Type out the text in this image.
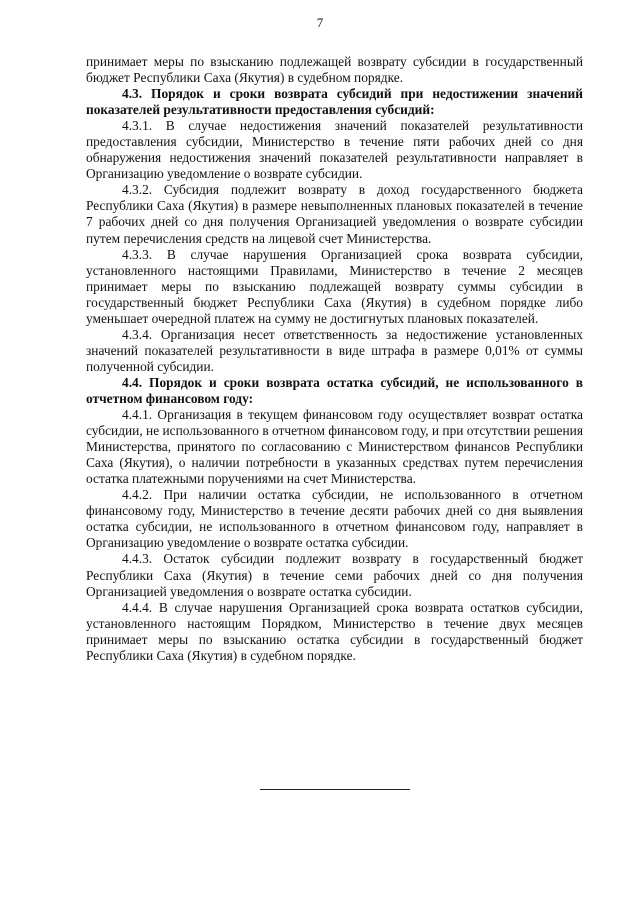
7

принимает меры по взысканию подлежащей возврату субсидии в государственный бюджет Республики Саха (Якутия) в судебном порядке.

4.3. Порядок и сроки возврата субсидий при недостижении значений показателей результативности предоставления субсидий:

4.3.1. В случае недостижения значений показателей результативности предоставления субсидии, Министерство в течение пяти рабочих дней со дня обнаружения недостижения значений показателей результативности направляет в Организацию уведомление о возврате субсидии.

4.3.2. Субсидия подлежит возврату в доход государственного бюджета Республики Саха (Якутия) в размере невыполненных плановых показателей в течение 7 рабочих дней со дня получения Организацией уведомления о возврате субсидии путем перечисления средств на лицевой счет Министерства.

4.3.3. В случае нарушения Организацией срока возврата субсидии, установленного настоящими Правилами, Министерство в течение 2 месяцев принимает меры по взысканию подлежащей возврату суммы субсидии в государственный бюджет Республики Саха (Якутия) в судебном порядке либо уменьшает очередной платеж на сумму не достигнутых плановых показателей.

4.3.4. Организация несет ответственность за недостижение установленных значений показателей результативности в виде штрафа в размере 0,01% от суммы полученной субсидии.

4.4. Порядок и сроки возврата остатка субсидий, не использованного в отчетном финансовом году:

4.4.1. Организация в текущем финансовом году осуществляет возврат остатка субсидии, не использованного в отчетном финансовом году, и при отсутствии решения Министерства, принятого по согласованию с Министерством финансов Республики Саха (Якутия), о наличии потребности в указанных средствах путем перечисления остатка платежными поручениями на счет Министерства.

4.4.2. При наличии остатка субсидии, не использованного в отчетном финансовому году, Министерство в течение десяти рабочих дней со дня выявления остатка субсидии, не использованного в отчетном финансовом году, направляет в Организацию уведомление о возврате остатка субсидии.

4.4.3. Остаток субсидии подлежит возврату в государственный бюджет Республики Саха (Якутия) в течение семи рабочих дней со дня получения Организацией уведомления о возврате остатка субсидии.

4.4.4. В случае нарушения Организацией срока возврата остатков субсидии, установленного настоящим Порядком, Министерство в течение двух месяцев принимает меры по взысканию остатка субсидии в государственный бюджет Республики Саха (Якутия) в судебном порядке.
